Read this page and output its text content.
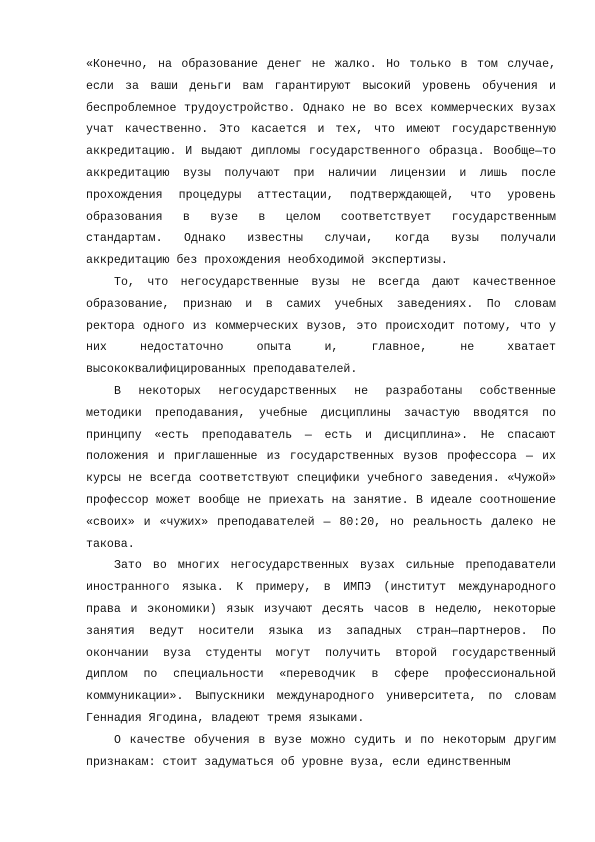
«Конечно, на образование денег не жалко. Но только в том случае, если за ваши деньги вам гарантируют высокий уровень обучения и беспроблемное трудоустройство. Однако не во всех коммерческих вузах учат качественно. Это касается и тех, что имеют государственную аккредитацию. И выдают дипломы государственного образца. Вообще—то аккредитацию вузы получают при наличии лицензии и лишь после прохождения процедуры аттестации, подтверждающей, что уровень образования в вузе в целом соответствует государственным стандартам. Однако известны случаи, когда вузы получали аккредитацию без прохождения необходимой экспертизы.

То, что негосударственные вузы не всегда дают качественное образование, признаю и в самих учебных заведениях. По словам ректора одного из коммерческих вузов, это происходит потому, что у них недостаточно опыта и, главное, не хватает высококвалифицированных преподавателей.

В некоторых негосударственных не разработаны собственные методики преподавания, учебные дисциплины зачастую вводятся по принципу «есть преподаватель — есть и дисциплина». Не спасают положения и приглашенные из государственных вузов профессора — их курсы не всегда соответствуют специфики учебного заведения. «Чужой» профессор может вообще не приехать на занятие. В идеале соотношение «своих» и «чужих» преподавателей — 80:20, но реальность далеко не такова.

Зато во многих негосударственных вузах сильные преподаватели иностранного языка. К примеру, в ИМПЭ (институт международного права и экономики) язык изучают десять часов в неделю, некоторые занятия ведут носители языка из западных стран—партнеров. По окончании вуза студенты могут получить второй государственный диплом по специальности «переводчик в сфере профессиональной коммуникации». Выпускники международного университета, по словам Геннадия Ягодина, владеют тремя языками.

О качестве обучения в вузе можно судить и по некоторым другим признакам: стоит задуматься об уровне вуза, если единственным
